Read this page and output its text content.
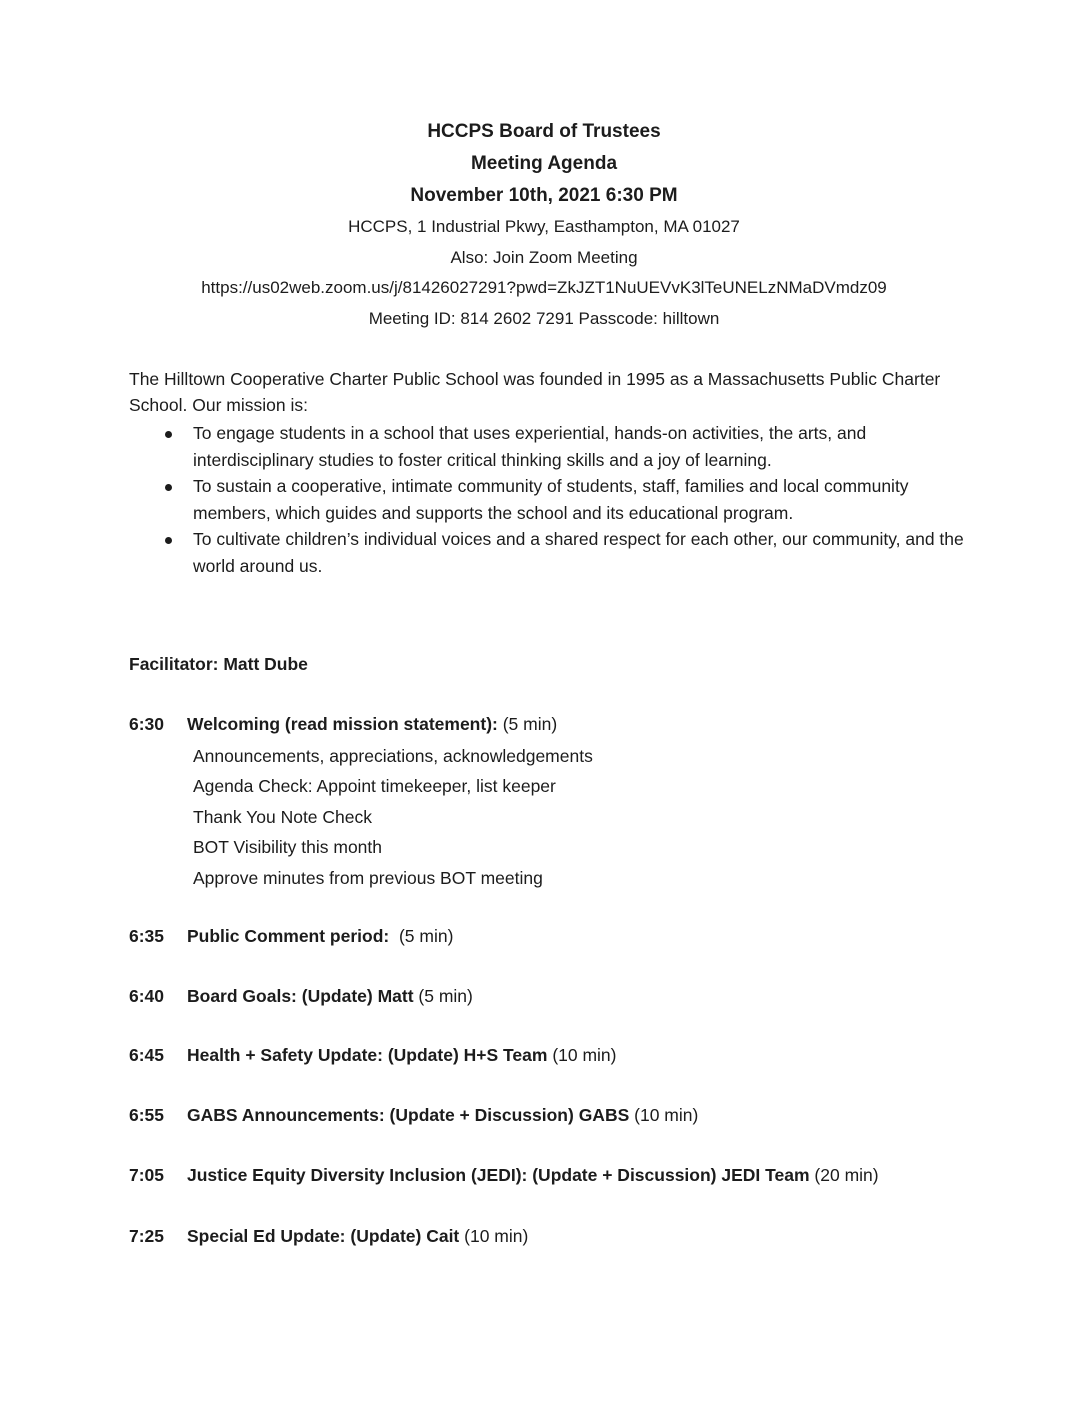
HCCPS Board of Trustees
Meeting Agenda
November 10th, 2021 6:30 PM
HCCPS, 1 Industrial Pkwy, Easthampton, MA 01027
Also: Join Zoom Meeting
https://us02web.zoom.us/j/81426027291?pwd=ZkJZT1NuUEVvK3lTeUNELzNMaDVmdz09
Meeting ID: 814 2602 7291 Passcode: hilltown
The Hilltown Cooperative Charter Public School was founded in 1995 as a Massachusetts Public Charter School. Our mission is:
To engage students in a school that uses experiential, hands-on activities, the arts, and interdisciplinary studies to foster critical thinking skills and a joy of learning.
To sustain a cooperative, intimate community of students, staff, families and local community members, which guides and supports the school and its educational program.
To cultivate children’s individual voices and a shared respect for each other, our community, and the world around us.
Facilitator: Matt Dube
6:30 Welcoming (read mission statement): (5 min)
Announcements, appreciations, acknowledgements
Agenda Check: Appoint timekeeper, list keeper
Thank You Note Check
BOT Visibility this month
Approve minutes from previous BOT meeting
6:35 Public Comment period:  (5 min)
6:40 Board Goals: (Update) Matt (5 min)
6:45 Health + Safety Update: (Update) H+S Team (10 min)
6:55 GABS Announcements: (Update + Discussion) GABS (10 min)
7:05 Justice Equity Diversity Inclusion (JEDI): (Update + Discussion) JEDI Team (20 min)
7:25 Special Ed Update: (Update) Cait (10 min)
